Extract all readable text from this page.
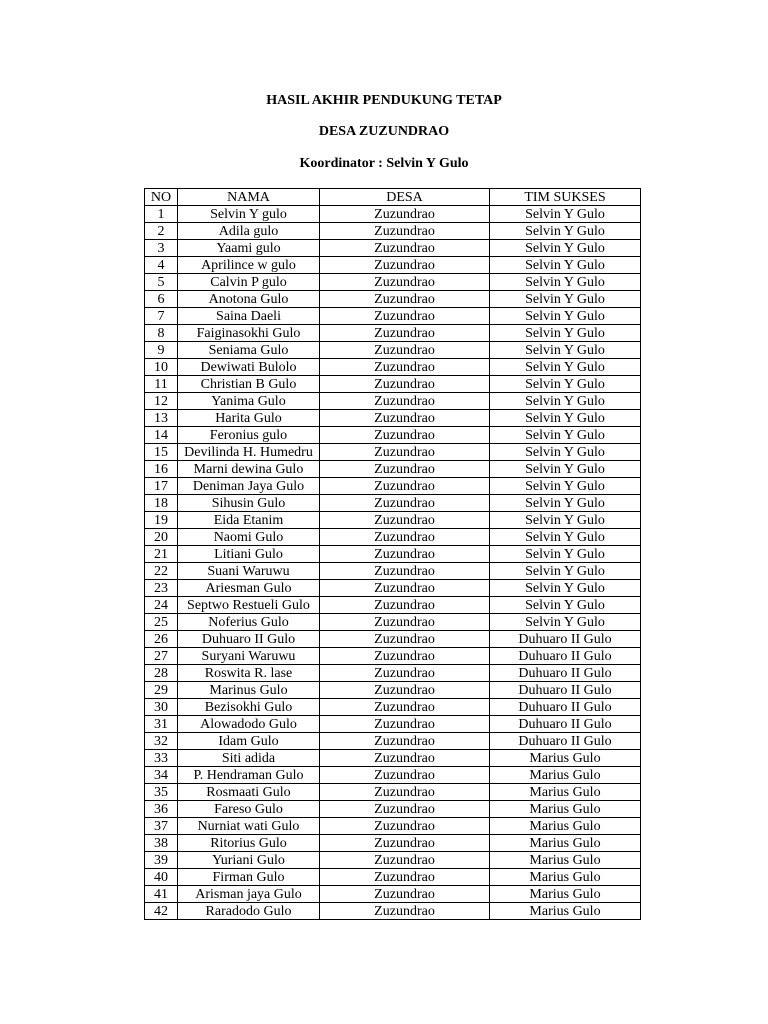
HASIL AKHIR PENDUKUNG TETAP
DESA ZUZUNDRAO
Koordinator : Selvin Y Gulo
NO	NAMA	DESA	TIM SUKSES
1	Selvin Y gulo	Zuzundrao	Selvin Y Gulo
2	Adila gulo	Zuzundrao	Selvin Y Gulo
3	Yaami gulo	Zuzundrao	Selvin Y Gulo
4	Aprilince w gulo	Zuzundrao	Selvin Y Gulo
5	Calvin P gulo	Zuzundrao	Selvin Y Gulo
6	Anotona Gulo	Zuzundrao	Selvin Y Gulo
7	Saina Daeli	Zuzundrao	Selvin Y Gulo
8	Faiginasokhi Gulo	Zuzundrao	Selvin Y Gulo
9	Seniama Gulo	Zuzundrao	Selvin Y Gulo
10	Dewiwati Bulolo	Zuzundrao	Selvin Y Gulo
11	Christian B Gulo	Zuzundrao	Selvin Y Gulo
12	Yanima Gulo	Zuzundrao	Selvin Y Gulo
13	Harita Gulo	Zuzundrao	Selvin Y Gulo
14	Feronius gulo	Zuzundrao	Selvin Y Gulo
15	Devilinda H. Humedru	Zuzundrao	Selvin Y Gulo
16	Marni dewina Gulo	Zuzundrao	Selvin Y Gulo
17	Deniman Jaya Gulo	Zuzundrao	Selvin Y Gulo
18	Sihusin Gulo	Zuzundrao	Selvin Y Gulo
19	Eida Etanim	Zuzundrao	Selvin Y Gulo
20	Naomi Gulo	Zuzundrao	Selvin Y Gulo
21	Litiani Gulo	Zuzundrao	Selvin Y Gulo
22	Suani Waruwu	Zuzundrao	Selvin Y Gulo
23	Ariesman Gulo	Zuzundrao	Selvin Y Gulo
24	Septwo Restueli Gulo	Zuzundrao	Selvin Y Gulo
25	Noferius Gulo	Zuzundrao	Selvin Y Gulo
26	Duhuaro II Gulo	Zuzundrao	Duhuaro II Gulo
27	Suryani Waruwu	Zuzundrao	Duhuaro II Gulo
28	Roswita R. lase	Zuzundrao	Duhuaro II Gulo
29	Marinus Gulo	Zuzundrao	Duhuaro II Gulo
30	Bezisokhi Gulo	Zuzundrao	Duhuaro II Gulo
31	Alowadodo Gulo	Zuzundrao	Duhuaro II Gulo
32	Idam Gulo	Zuzundrao	Duhuaro II Gulo
33	Siti adida	Zuzundrao	Marius Gulo
34	P. Hendraman Gulo	Zuzundrao	Marius Gulo
35	Rosmaati Gulo	Zuzundrao	Marius Gulo
36	Fareso Gulo	Zuzundrao	Marius Gulo
37	Nurniat wati Gulo	Zuzundrao	Marius Gulo
38	Ritorius Gulo	Zuzundrao	Marius Gulo
39	Yuriani Gulo	Zuzundrao	Marius Gulo
40	Firman Gulo	Zuzundrao	Marius Gulo
41	Arisman jaya Gulo	Zuzundrao	Marius Gulo
42	Raradodo Gulo	Zuzundrao	Marius Gulo
